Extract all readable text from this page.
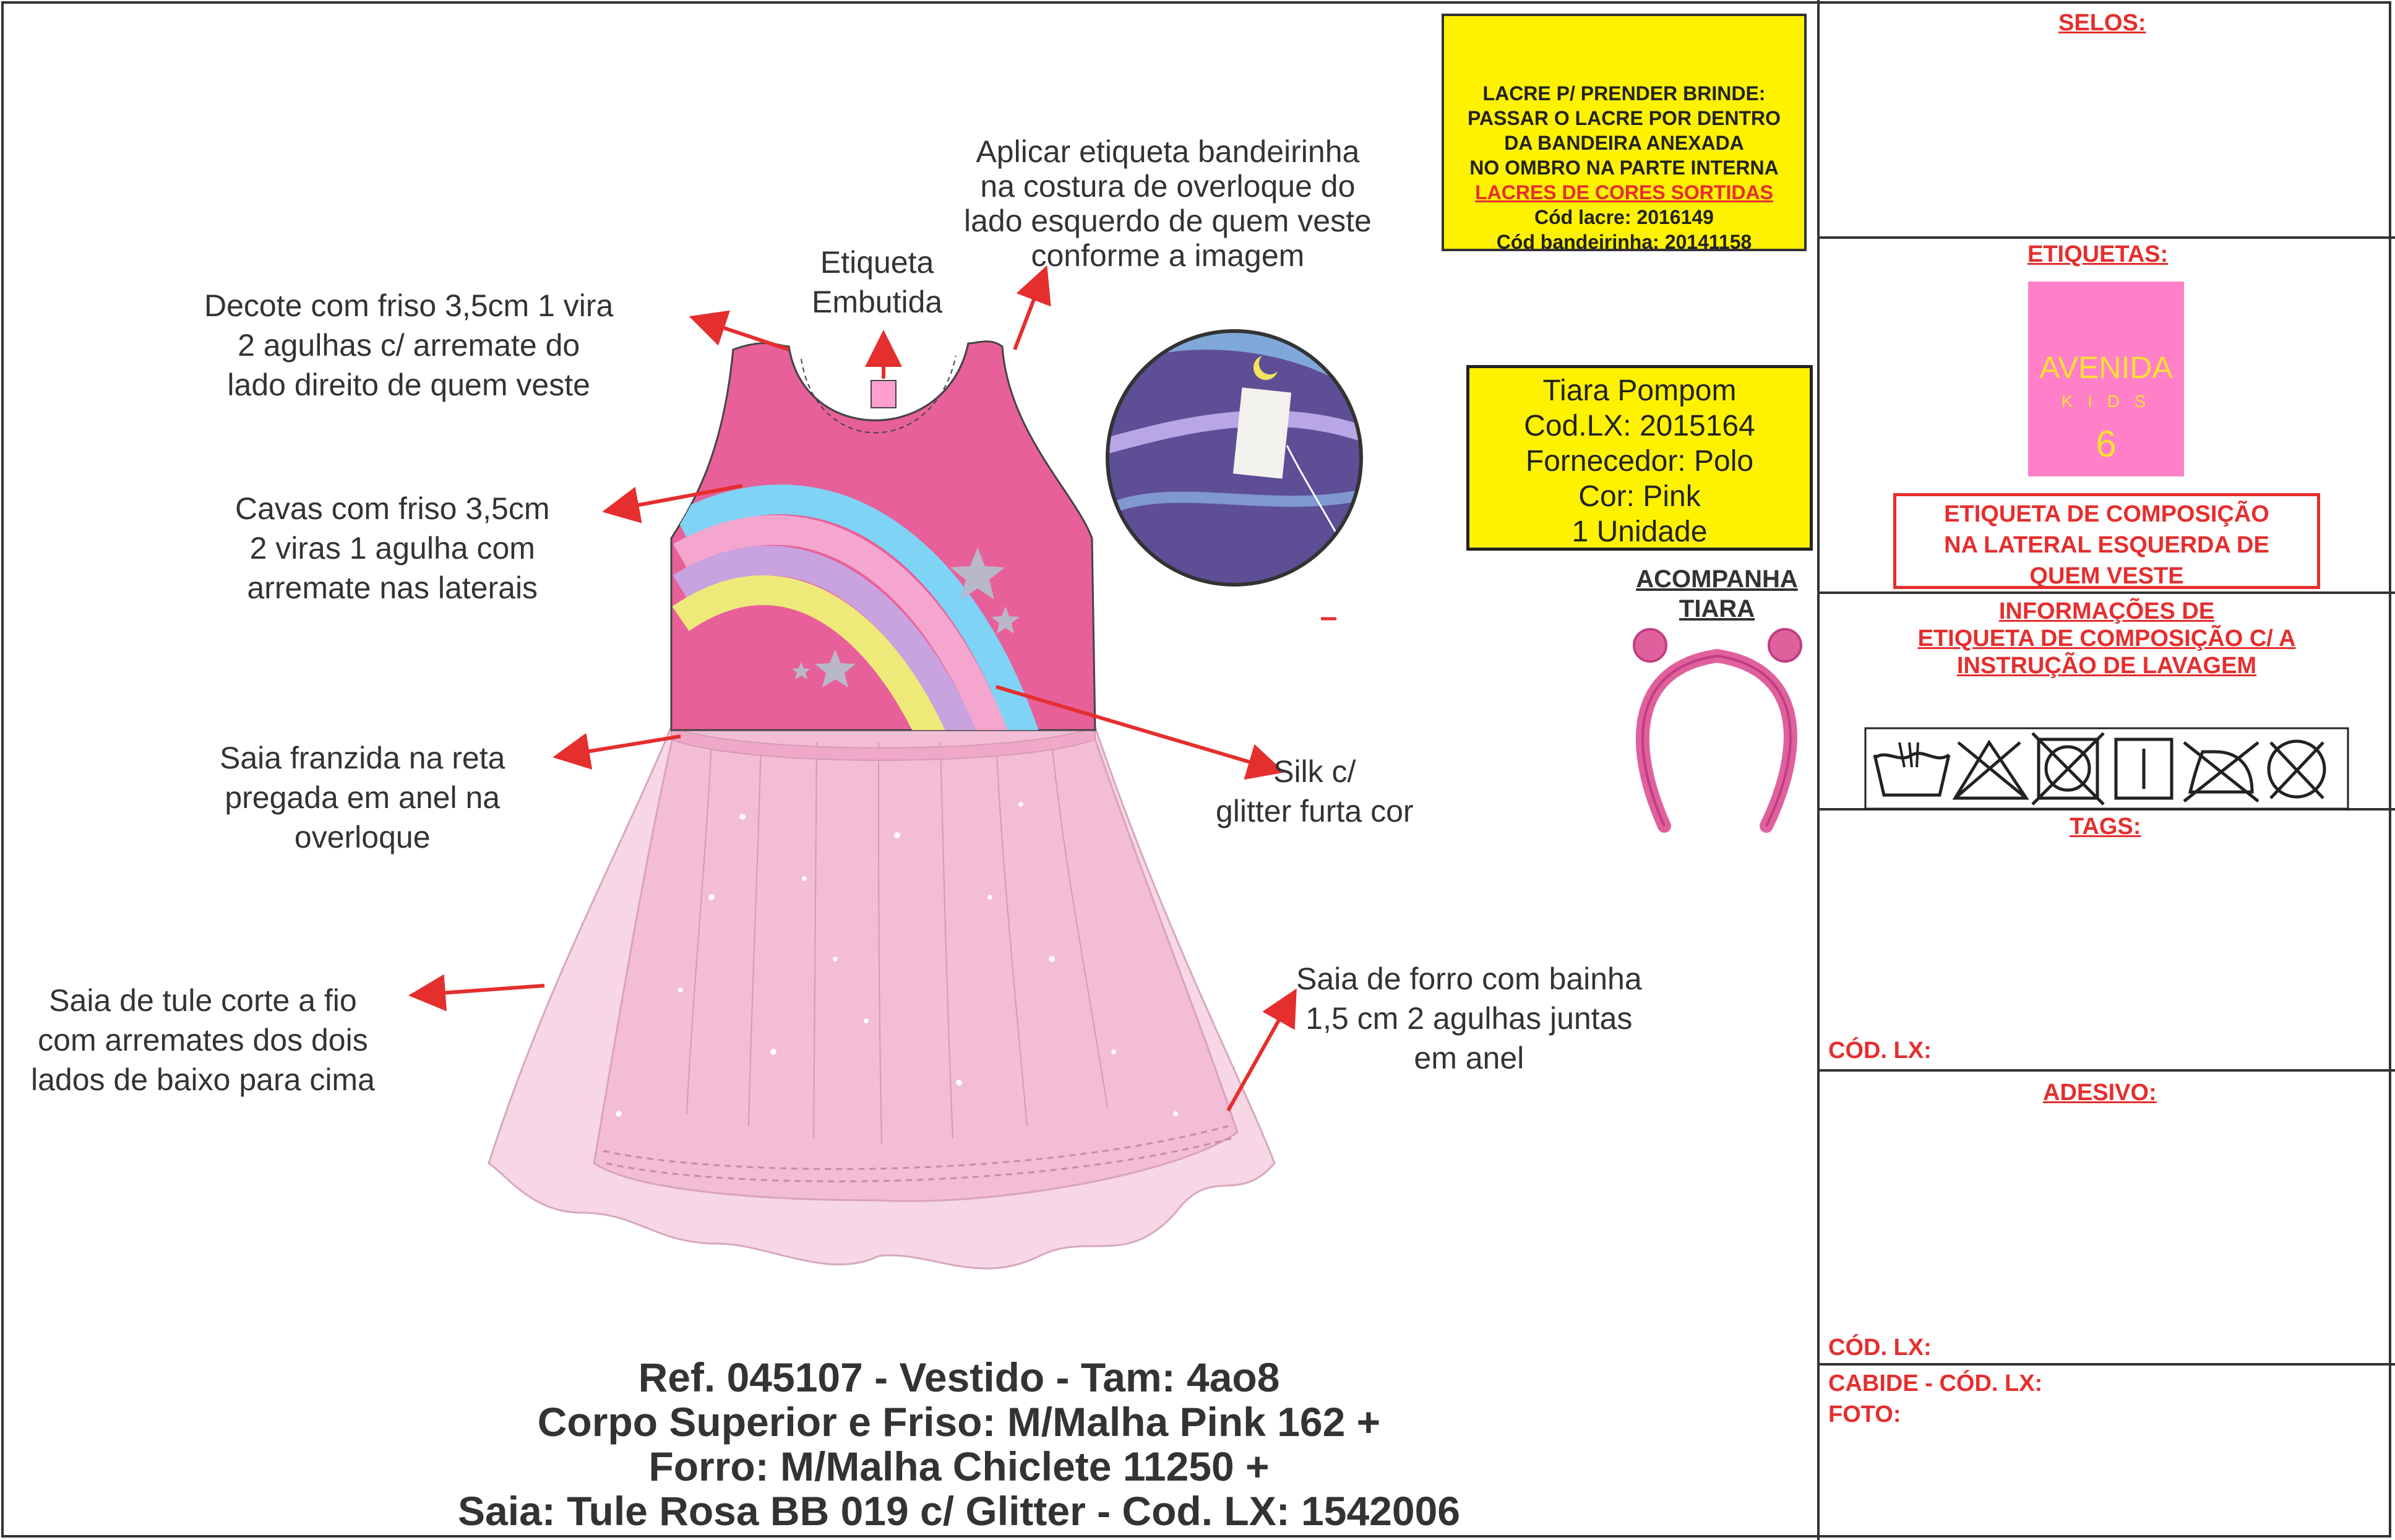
Decote com friso 3,5cm 1 vira
2 agulhas c/ arremate do
lado direito de quem veste
Etiqueta
Embutida
Aplicar etiqueta bandeirinha
na costura de overloque do
lado esquerdo de quem veste
conforme a imagem
Cavas com friso 3,5cm
2 viras 1 agulha com
arremate nas laterais
Saia franzida na reta
pregada em anel na
overloque
Silk c/
glitter furta cor
Saia de tule corte a fio
com arremates dos dois
lados de baixo para cima
Saia de forro com bainha
1,5 cm 2 agulhas juntas
em anel
LACRE P/ PRENDER BRINDE:
PASSAR O LACRE POR DENTRO
DA BANDEIRA ANEXADA
NO OMBRO NA PARTE INTERNA
LACRES DE CORES SORTIDAS
Cód lacre: 2016149
Cód bandeirinha: 20141158
Tiara Pompom
Cod.LX: 2015164
Fornecedor: Polo
Cor: Pink
1 Unidade
ACOMPANHA
TIARA
SELOS:
ETIQUETAS:
AVENIDA
K I D S
6
ETIQUETA DE COMPOSIÇÃO
NA LATERAL ESQUERDA DE
QUEM VESTE
INFORMAÇÕES DE
ETIQUETA DE COMPOSIÇÃO C/ A
INSTRUÇÃO DE LAVAGEM
TAGS:
CÓD. LX:
ADESIVO:
CÓD. LX:
CABIDE - CÓD. LX:
FOTO:
Ref. 045107 - Vestido - Tam: 4ao8
Corpo Superior e Friso: M/Malha Pink 162 +
Forro: M/Malha Chiclete 11250 +
Saia: Tule Rosa BB 019 c/ Glitter - Cod. LX: 1542006
